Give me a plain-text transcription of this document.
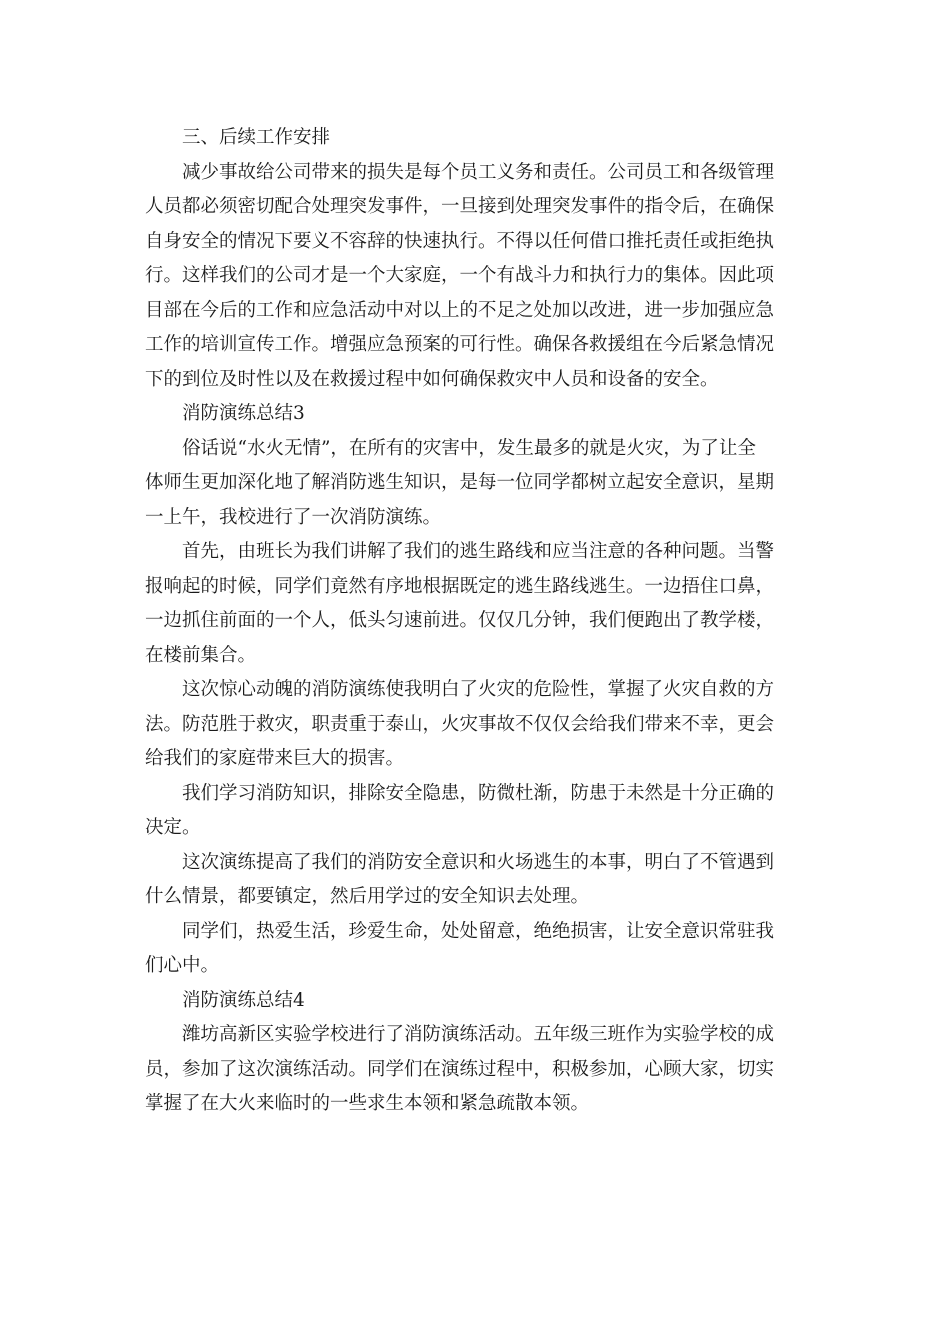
三、后续工作安排
减少事故给公司带来的损失是每个员工义务和责任。公司员工和各级管理
人员都必须密切配合处理突发事件，一旦接到处理突发事件的指令后，在确保
自身安全的情况下要义不容辞的快速执行。不得以任何借口推托责任或拒绝执
行。这样我们的公司才是一个大家庭，一个有战斗力和执行力的集体。因此项
目部在今后的工作和应急活动中对以上的不足之处加以改进，进一步加强应急
工作的培训宣传工作。增强应急预案的可行性。确保各救援组在今后紧急情况
下的到位及时性以及在救援过程中如何确保救灾中人员和设备的安全。
消防演练总结3
俗话说“水火无情”，在所有的灾害中，发生最多的就是火灾，为了让全
体师生更加深化地了解消防逃生知识，是每一位同学都树立起安全意识，星期
一上午，我校进行了一次消防演练。
首先，由班长为我们讲解了我们的逃生路线和应当注意的各种问题。当警
报响起的时候，同学们竟然有序地根据既定的逃生路线逃生。一边捂住口鼻，
一边抓住前面的一个人，低头匀速前进。仅仅几分钟，我们便跑出了教学楼，
在楼前集合。
这次惊心动魄的消防演练使我明白了火灾的危险性，掌握了火灾自救的方
法。防范胜于救灾，职责重于泰山，火灾事故不仅仅会给我们带来不幸，更会
给我们的家庭带来巨大的损害。
我们学习消防知识，排除安全隐患，防微杜渐，防患于未然是十分正确的
决定。
这次演练提高了我们的消防安全意识和火场逃生的本事，明白了不管遇到
什么情景，都要镇定，然后用学过的安全知识去处理。
同学们，热爱生活，珍爱生命，处处留意，绝绝损害，让安全意识常驻我
们心中。
消防演练总结4
潍坊高新区实验学校进行了消防演练活动。五年级三班作为实验学校的成
员，参加了这次演练活动。同学们在演练过程中，积极参加，心顾大家，切实
掌握了在大火来临时的一些求生本领和紧急疏散本领。
